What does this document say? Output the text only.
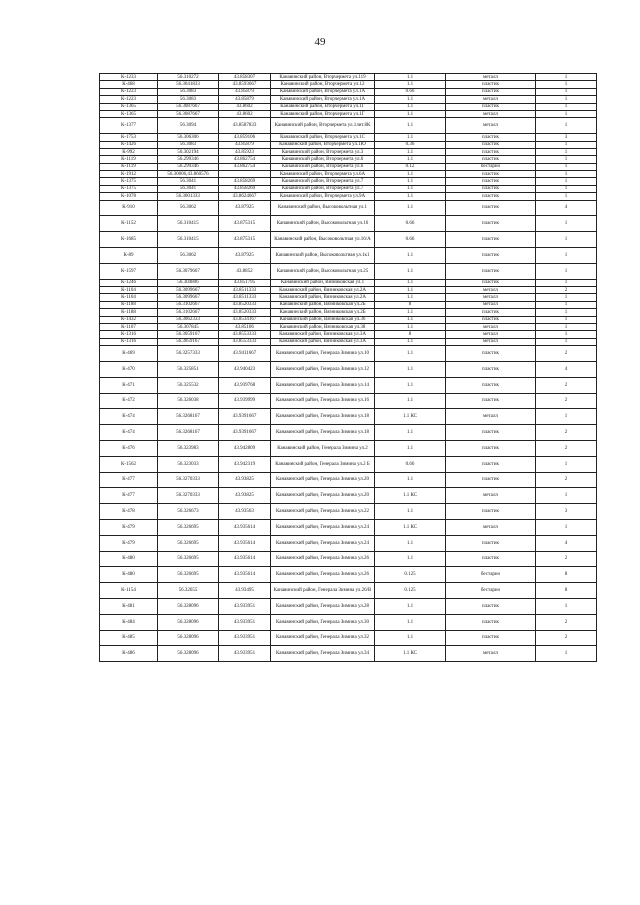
49
К-1233	56.310272	43.858307	Канавинский район, Вторчермета ул.119	1.1	металл	1
К-468	56.3041833	43.8593667	Канавинский район, Вторчермета ул.12	1.1	пластик	1
К-1223	56.3083	43.85879	Канавинский район, Вторчермета ул.1А	0.66	пластик	1
К-1223	56.3083	43.85879	Канавинский район, Вторчермета ул.1А	1.1	металл	1
К-1365	56.3087667	43.8602	Канавинский район, Вторчермета ул.1Г	1.1	пластик	1
К-1365	56.3087667	43.8602	Канавинский район, Вторчермета ул.1Г	1.1	металл	1
К-1377	56.3094	43.8587833	Канавинский район, Вторчермета ул.1лит.8К	1.1	металл	1
К-1753	56.306306	43.859106	Канавинский район, Вторчермета ул.1С	1.1	пластик	3
К-1426	56.3083	43.85879	Канавинский район, Вторчермета ул.1Ю	0.36	пластик	1
К-992	56.302194	43.85923	Канавинский район, Вторчермета ул.3	1.1	пластик	1
К-1119	56.299346	43.862754	Канавинский район, Вторчермета ул.6	1.1	пластик	1
К-1119	56.299346	43.862754	Канавинский район, Вторчермета ул.6	0.12	бестарно	1
К-1912	56.30006,43.860576		Канавинский район, Вторчермета ул.6А	1.1	пластик	1
К-1375	56.3041	43.858269	Канавинский район, Вторчермета ул.7	1.1	пластик	1
К-1375	56.3041	43.858269	Канавинский район, Вторчермета ул.7	1.1	пластик	1
К-1078	56.3001333	43.8624667	Канавинский район, Вторчермета ул.9А	1.1	пластик	1
К-910	56.3062	43.87925	Канавинский район, Высоковольтная ул.1	1.1	пластик	4
К-1152	56.310415	43.875315	Канавинский район, Высоковольтная ул.16	0.66	пластик	1
К-1685	56.310415	43.875315	Канавинский район, Высоковольтная ул.16/А	0.66	пластик	1
К-89	56.3062	43.87925	Канавинский район, Высоковольтная ул.1к1	1.1	пластик	1
К-1597	56.3079667	43.8852	Канавинский район, Высоковольтная ул.25	1.1	пластик	1
К-1246	56.304806	43.851795	Канавинский район, Вязниковская ул.1	1.1	пластик	1
К-1104	56.3099667	43.8511333	Канавинский район, Вязниковская ул.2А	1.1	металл	2
К-1104	56.3099667	43.8511333	Канавинский район, Вязниковская ул.2А	1.1	металл	1
К-1188	56.3102667	43.8520333	Канавинский район, Вязниковская ул.2Б	8	металл	1
К-1188	56.3102667	43.8520333	Канавинский район, Вязниковская ул.2Б	1.1	пластик	1
К-1432	56.3062333	43.8534167	Канавинский район, Вязниковская ул.36	1.1	пластик	1
К-1107	56.307845	43.85106	Канавинский район, Вязниковская ул.38	1.1	металл	1
К-1316	56.3059167	43.8553333	Канавинский район, Вязниковская ул.3А	8	металл	1
К-1316	56.3059167	43.8553333	Канавинский район, Вязниковская ул.3А	1.1	металл	1
К-469	56.3257333	43.9411667	Канавинский район, Генерала Зимина ул.10	1.1	пластик	2
К-470	56.325851	43.940423	Канавинский район, Генерала Зимина ул.12	1.1	пластик	4
К-471	56.325532	43.939768	Канавинский район, Генерала Зимина ул.14	1.1	пластик	2
К-472	56.326038	43.939999	Канавинский район, Генерала Зимина ул.16	1.1	пластик	2
К-474	56.3268167	43.9391667	Канавинский район, Генерала Зимина ул.18	1.1 КС	металл	1
К-474	56.3268167	43.9391667	Канавинский район, Генерала Зимина ул.18	1.1	пластик	2
К-476	56.323983	43.942809	Канавинский район, Генерала Зимина ул.2	1.1	пластик	2
К-1562	56.323033	43.942319	Канавинский район, Генерала Зимина ул.2 Б	0.66	пластик	1
К-477	56.3270333	43.93825	Канавинский район, Генерала Зимина ул.20	1.1	пластик	2
К-477	56.3270333	43.93825	Канавинский район, Генерала Зимина ул.20	1.1 КС	металл	1
К-478	56.326673	43.93563	Канавинский район, Генерала Зимина ул.22	1.1	пластик	3
К-479	56.326695	43.935614	Канавинский район, Генерала Зимина ул.24	1.1 КС	металл	1
К-479	56.326695	43.935614	Канавинский район, Генерала Зимина ул.24	1.1	пластик	4
К-480	56.326695	43.935614	Канавинский район, Генерала Зимина ул.26	1.1	пластик	2
К-480	56.326695	43.935614	Канавинский район, Генерала Зимина ул.26	0.125	бестарно	8
К-1154	56.32655	43.93495	Канавинский район, Генерала Зимина ул.26/В	0.125	бестарно	8
К-481	56.328096	43.933951	Канавинский район, Генерала Зимина ул.28	1.1	пластик	1
К-484	56.328096	43.933951	Канавинский район, Генерала Зимина ул.30	1.1	пластик	2
К-485	56.328096	43.933951	Канавинский район, Генерала Зимина ул.32	1.1	пластик	2
К-486	56.328096	43.933951	Канавинский район, Генерала Зимина ул.34	1.1 КС	металл	1
